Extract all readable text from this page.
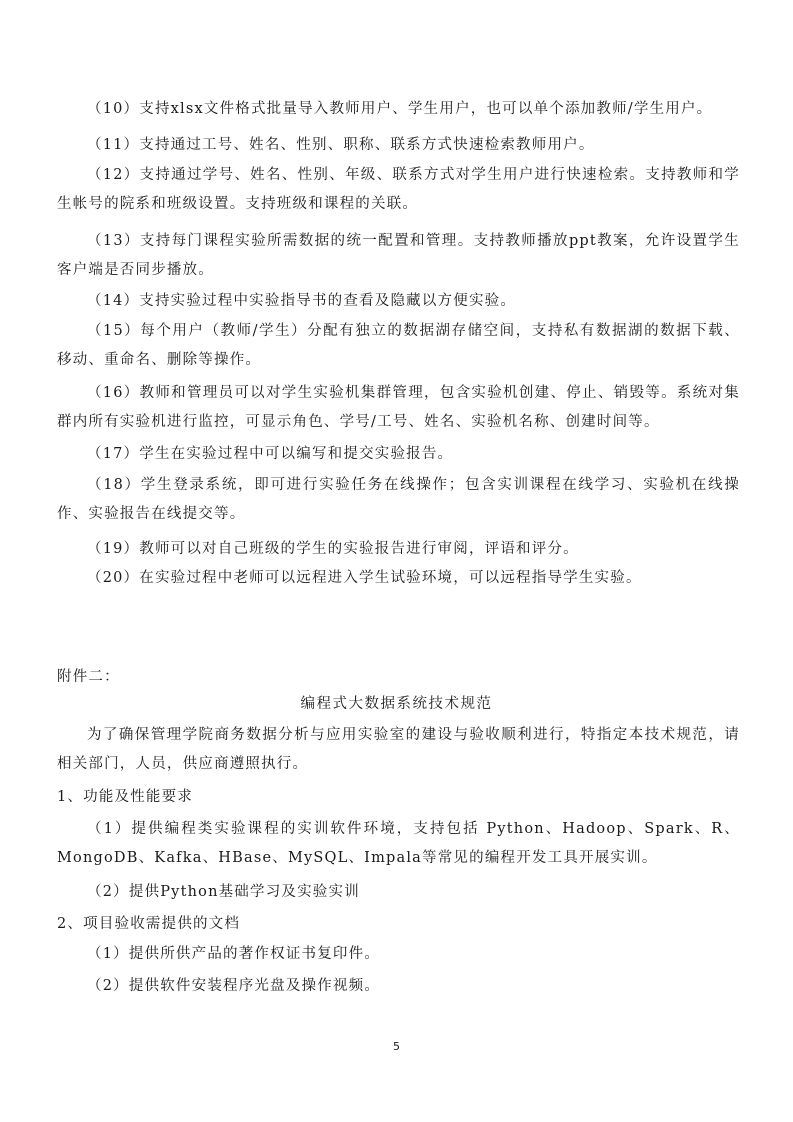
（10）支持xlsx文件格式批量导入教师用户、学生用户，也可以单个添加教师/学生用户。
（11）支持通过工号、姓名、性别、职称、联系方式快速检索教师用户。
（12）支持通过学号、姓名、性别、年级、联系方式对学生用户进行快速检索。支持教师和学生帐号的院系和班级设置。支持班级和课程的关联。
（13）支持每门课程实验所需数据的统一配置和管理。支持教师播放ppt教案，允许设置学生客户端是否同步播放。
（14）支持实验过程中实验指导书的查看及隐藏以方便实验。
（15）每个用户（教师/学生）分配有独立的数据湖存储空间，支持私有数据湖的数据下载、移动、重命名、删除等操作。
（16）教师和管理员可以对学生实验机集群管理，包含实验机创建、停止、销毁等。系统对集群内所有实验机进行监控，可显示角色、学号/工号、姓名、实验机名称、创建时间等。
（17）学生在实验过程中可以编写和提交实验报告。
（18）学生登录系统，即可进行实验任务在线操作；包含实训课程在线学习、实验机在线操作、实验报告在线提交等。
（19）教师可以对自己班级的学生的实验报告进行审阅，评语和评分。
（20）在实验过程中老师可以远程进入学生试验环境，可以远程指导学生实验。
附件二：
编程式大数据系统技术规范
为了确保管理学院商务数据分析与应用实验室的建设与验收顺利进行，特指定本技术规范，请相关部门，人员，供应商遵照执行。
1、功能及性能要求
（1）提供编程类实验课程的实训软件环境，支持包括 Python、Hadoop、Spark、R、MongoDB、Kafka、HBase、MySQL、Impala等常见的编程开发工具开展实训。
（2）提供Python基础学习及实验实训
2、项目验收需提供的文档
（1）提供所供产品的著作权证书复印件。
（2）提供软件安装程序光盘及操作视频。
5
